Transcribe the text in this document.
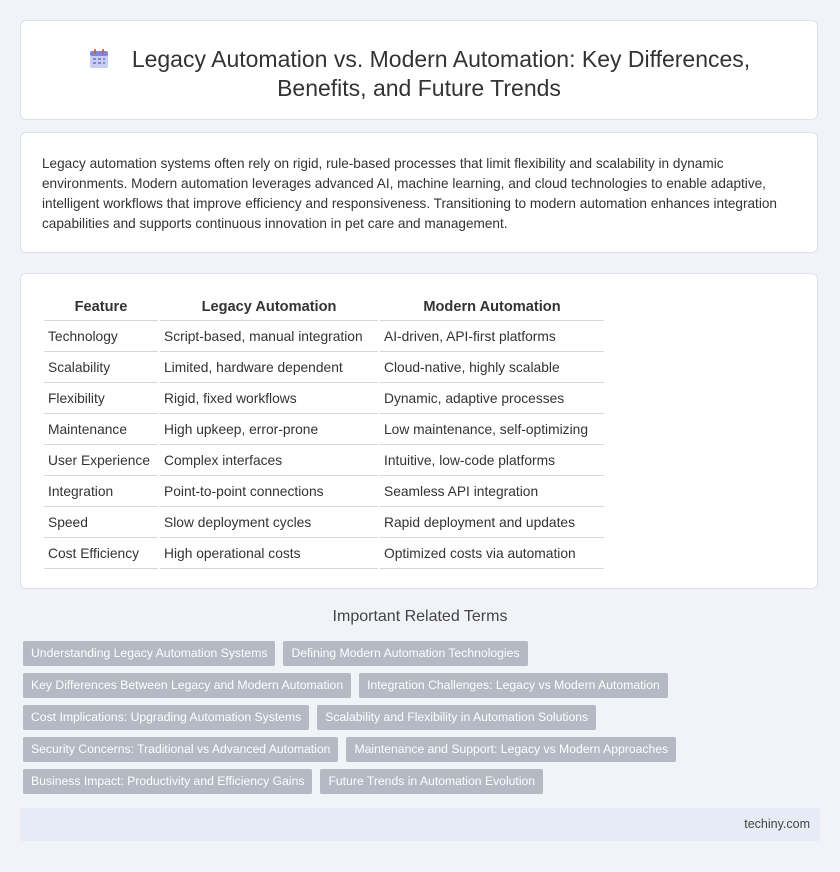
Legacy Automation vs. Modern Automation: Key Differences,
Benefits, and Future Trends
Legacy automation systems often rely on rigid, rule-based processes that limit flexibility and scalability in dynamic environments. Modern automation leverages advanced AI, machine learning, and cloud technologies to enable adaptive, intelligent workflows that improve efficiency and responsiveness. Transitioning to modern automation enhances integration capabilities and supports continuous innovation in pet care and management.
Feature	Legacy Automation	Modern Automation
Technology	Script-based, manual integration	AI-driven, API-first platforms
Scalability	Limited, hardware dependent	Cloud-native, highly scalable
Flexibility	Rigid, fixed workflows	Dynamic, adaptive processes
Maintenance	High upkeep, error-prone	Low maintenance, self-optimizing
User Experience	Complex interfaces	Intuitive, low-code platforms
Integration	Point-to-point connections	Seamless API integration
Speed	Slow deployment cycles	Rapid deployment and updates
Cost Efficiency	High operational costs	Optimized costs via automation
Important Related Terms
Understanding Legacy Automation Systems	Defining Modern Automation Technologies
Key Differences Between Legacy and Modern Automation	Integration Challenges: Legacy vs Modern Automation
Cost Implications: Upgrading Automation Systems	Scalability and Flexibility in Automation Solutions
Security Concerns: Traditional vs Advanced Automation	Maintenance and Support: Legacy vs Modern Approaches
Business Impact: Productivity and Efficiency Gains	Future Trends in Automation Evolution
techiny.com
